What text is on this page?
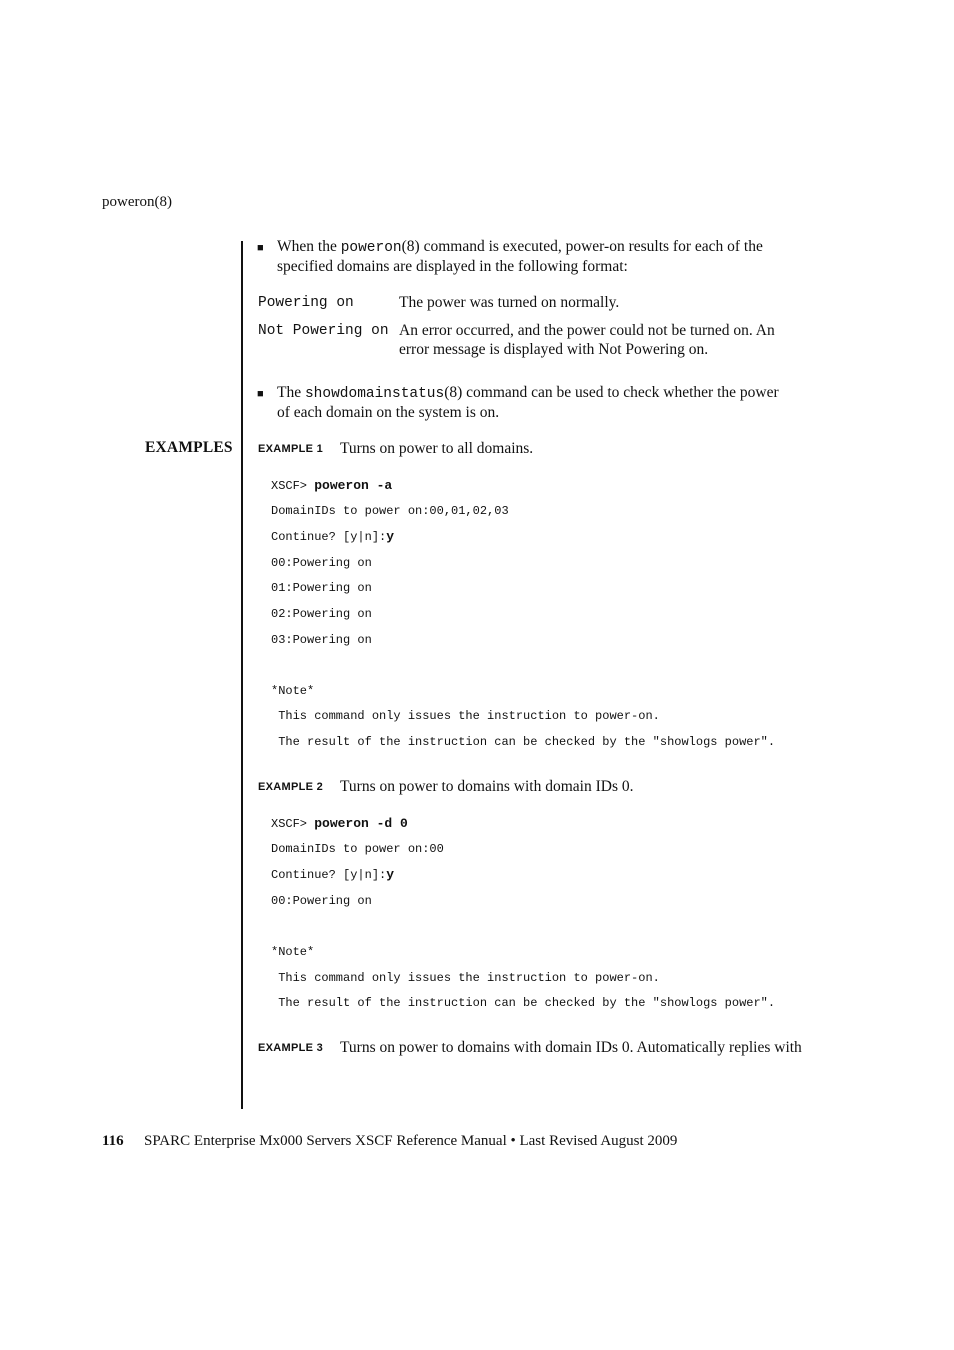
poweron(8)
■ When the poweron(8) command is executed, power-on results for each of the
specified domains are displayed in the following format:
Powering on	The power was turned on normally.
Not Powering on An error occurred, and the power could not be turned on. An
error message is displayed with Not Powering on.
■ The showdomainstatus(8) command can be used to check whether the power
of each domain on the system is on.
EXAMPLES EXAMPLE 1 Turns on power to all domains.
XSCF> poweron -a
DomainIDs to power on:00,01,02,03
Continue? [y|n]:y
00:Powering on
01:Powering on
02:Powering on
03:Powering on
*Note*
This command only issues the instruction to power-on.
The result of the instruction can be checked by the "showlogs power".
EXAMPLE 2 Turns on power to domains with domain IDs 0.
XSCF> poweron -d 0
DomainIDs to power on:00
Continue? [y|n]:y
00:Powering on
*Note*
This command only issues the instruction to power-on.
The result of the instruction can be checked by the "showlogs power".
EXAMPLE 3 Turns on power to domains with domain IDs 0. Automatically replies with
116 SPARC Enterprise Mx000 Servers XSCF Reference Manual • Last Revised August 2009
